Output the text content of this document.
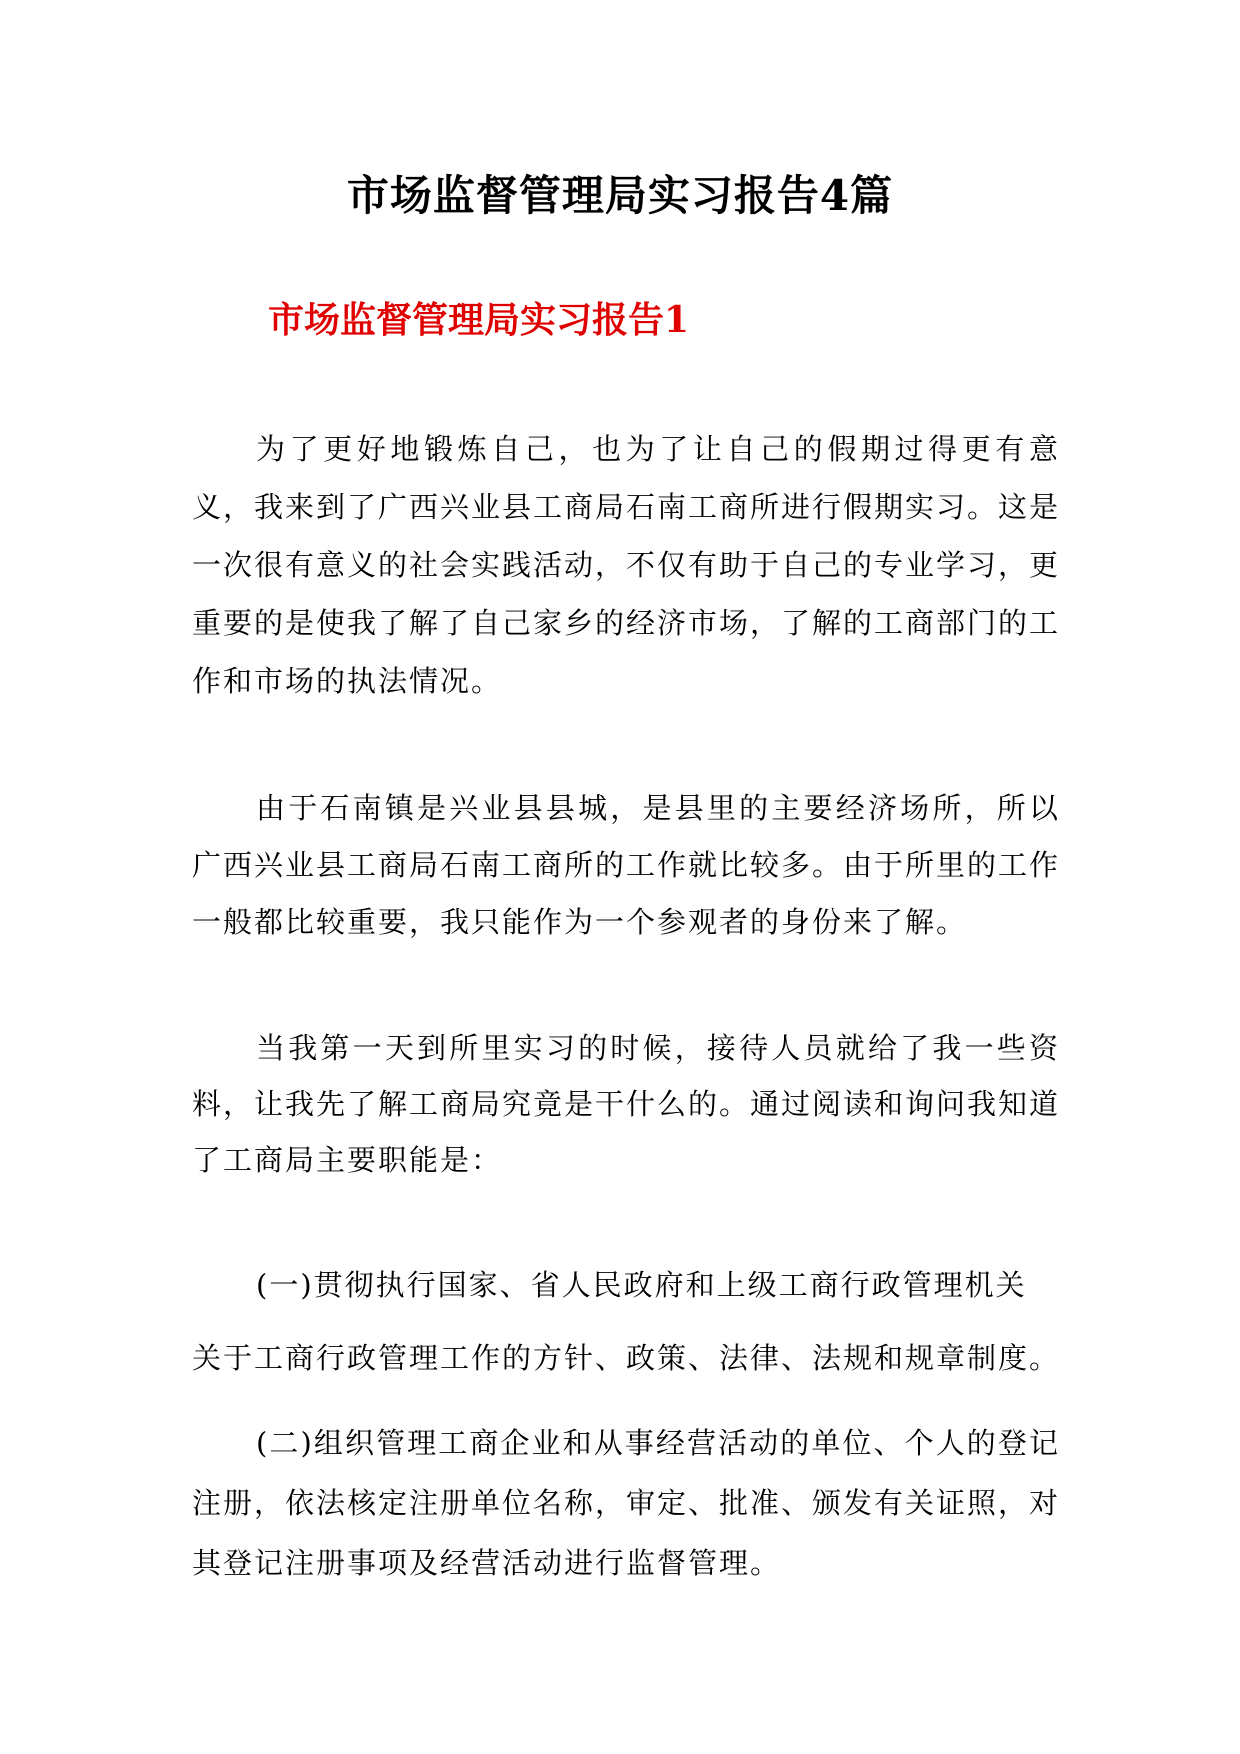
市场监督管理局实习报告4篇
市场监督管理局实习报告1

为了更好地锻炼自己，也为了让自己的假期过得更有意义，我来到了广西兴业县工商局石南工商所进行假期实习。这是一次很有意义的社会实践活动，不仅有助于自己的专业学习，更重要的是使我了解了自己家乡的经济市场，了解的工商部门的工作和市场的执法情况。

由于石南镇是兴业县县城，是县里的主要经济场所，所以广西兴业县工商局石南工商所的工作就比较多。由于所里的工作一般都比较重要，我只能作为一个参观者的身份来了解。

当我第一天到所里实习的时候，接待人员就给了我一些资料，让我先了解工商局究竟是干什么的。通过阅读和询问我知道了工商局主要职能是：

(一)贯彻执行国家、省人民政府和上级工商行政管理机关

关于工商行政管理工作的方针、政策、法律、法规和规章制度。

(二)组织管理工商企业和从事经营活动的单位、个人的登记注册，依法核定注册单位名称，审定、批准、颁发有关证照，对其登记注册事项及经营活动进行监督管理。
